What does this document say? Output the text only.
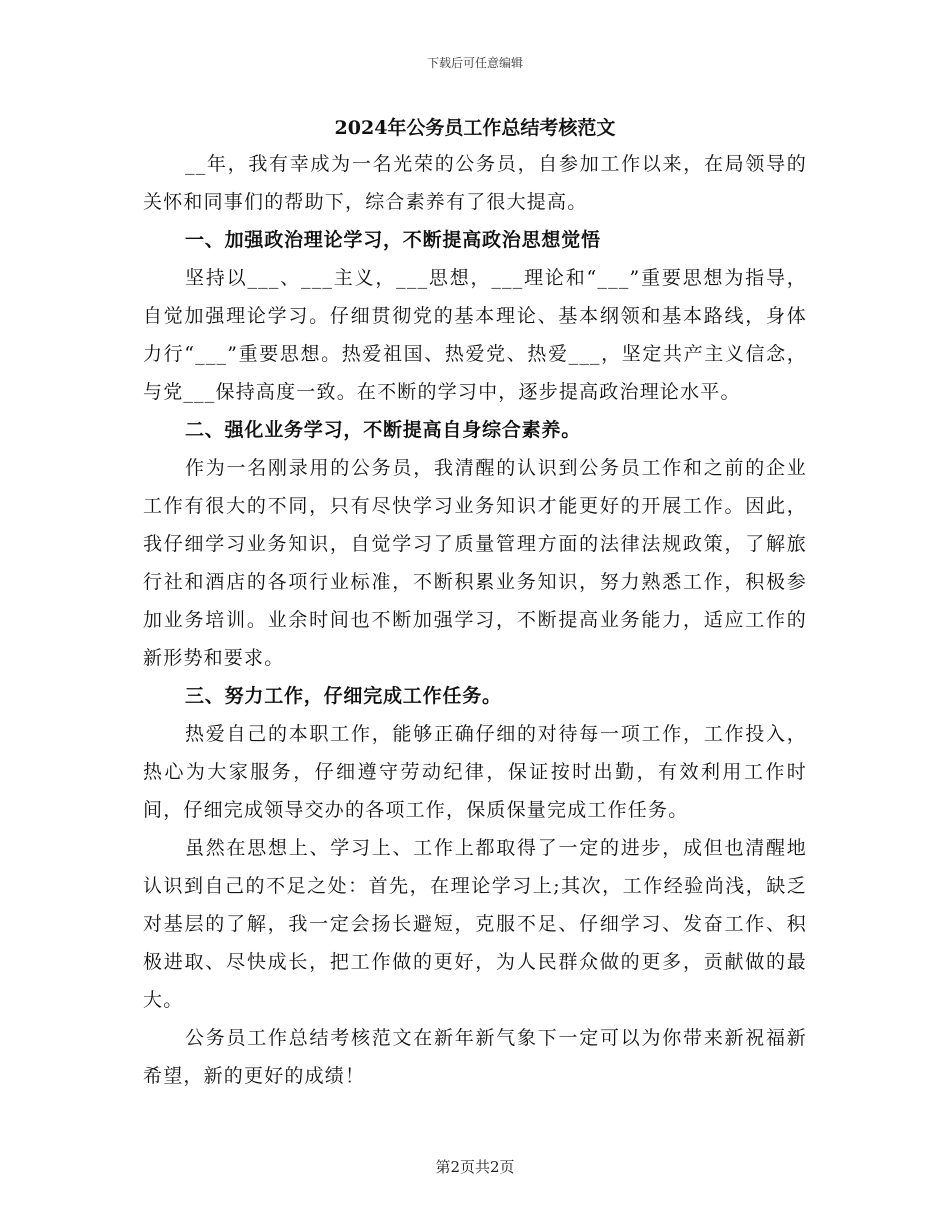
下载后可任意编辑
2024年公务员工作总结考核范文

__年，我有幸成为一名光荣的公务员，自参加工作以来，在局领导的关怀和同事们的帮助下，综合素养有了很大提高。

一、加强政治理论学习，不断提高政治思想觉悟

坚持以___、___主义，___思想，___理论和“___”重要思想为指导，自觉加强理论学习。仔细贯彻党的基本理论、基本纲领和基本路线，身体力行“___”重要思想。热爱祖国、热爱党、热爱___，坚定共产主义信念，与党___保持高度一致。在不断的学习中，逐步提高政治理论水平。

二、强化业务学习，不断提高自身综合素养。

作为一名刚录用的公务员，我清醒的认识到公务员工作和之前的企业工作有很大的不同，只有尽快学习业务知识才能更好的开展工作。因此，我仔细学习业务知识，自觉学习了质量管理方面的法律法规政策，了解旅行社和酒店的各项行业标准，不断积累业务知识，努力熟悉工作，积极参加业务培训。业余时间也不断加强学习，不断提高业务能力，适应工作的新形势和要求。

三、努力工作，仔细完成工作任务。

热爱自己的本职工作，能够正确仔细的对待每一项工作，工作投入，热心为大家服务，仔细遵守劳动纪律，保证按时出勤，有效利用工作时间，仔细完成领导交办的各项工作，保质保量完成工作任务。

虽然在思想上、学习上、工作上都取得了一定的进步，成但也清醒地认识到自己的不足之处：首先，在理论学习上;其次，工作经验尚浅，缺乏对基层的了解，我一定会扬长避短，克服不足、仔细学习、发奋工作、积极进取、尽快成长，把工作做的更好，为人民群众做的更多，贡献做的最大。

公务员工作总结考核范文在新年新气象下一定可以为你带来新祝福新希望，新的更好的成绩！

第2页共2页
